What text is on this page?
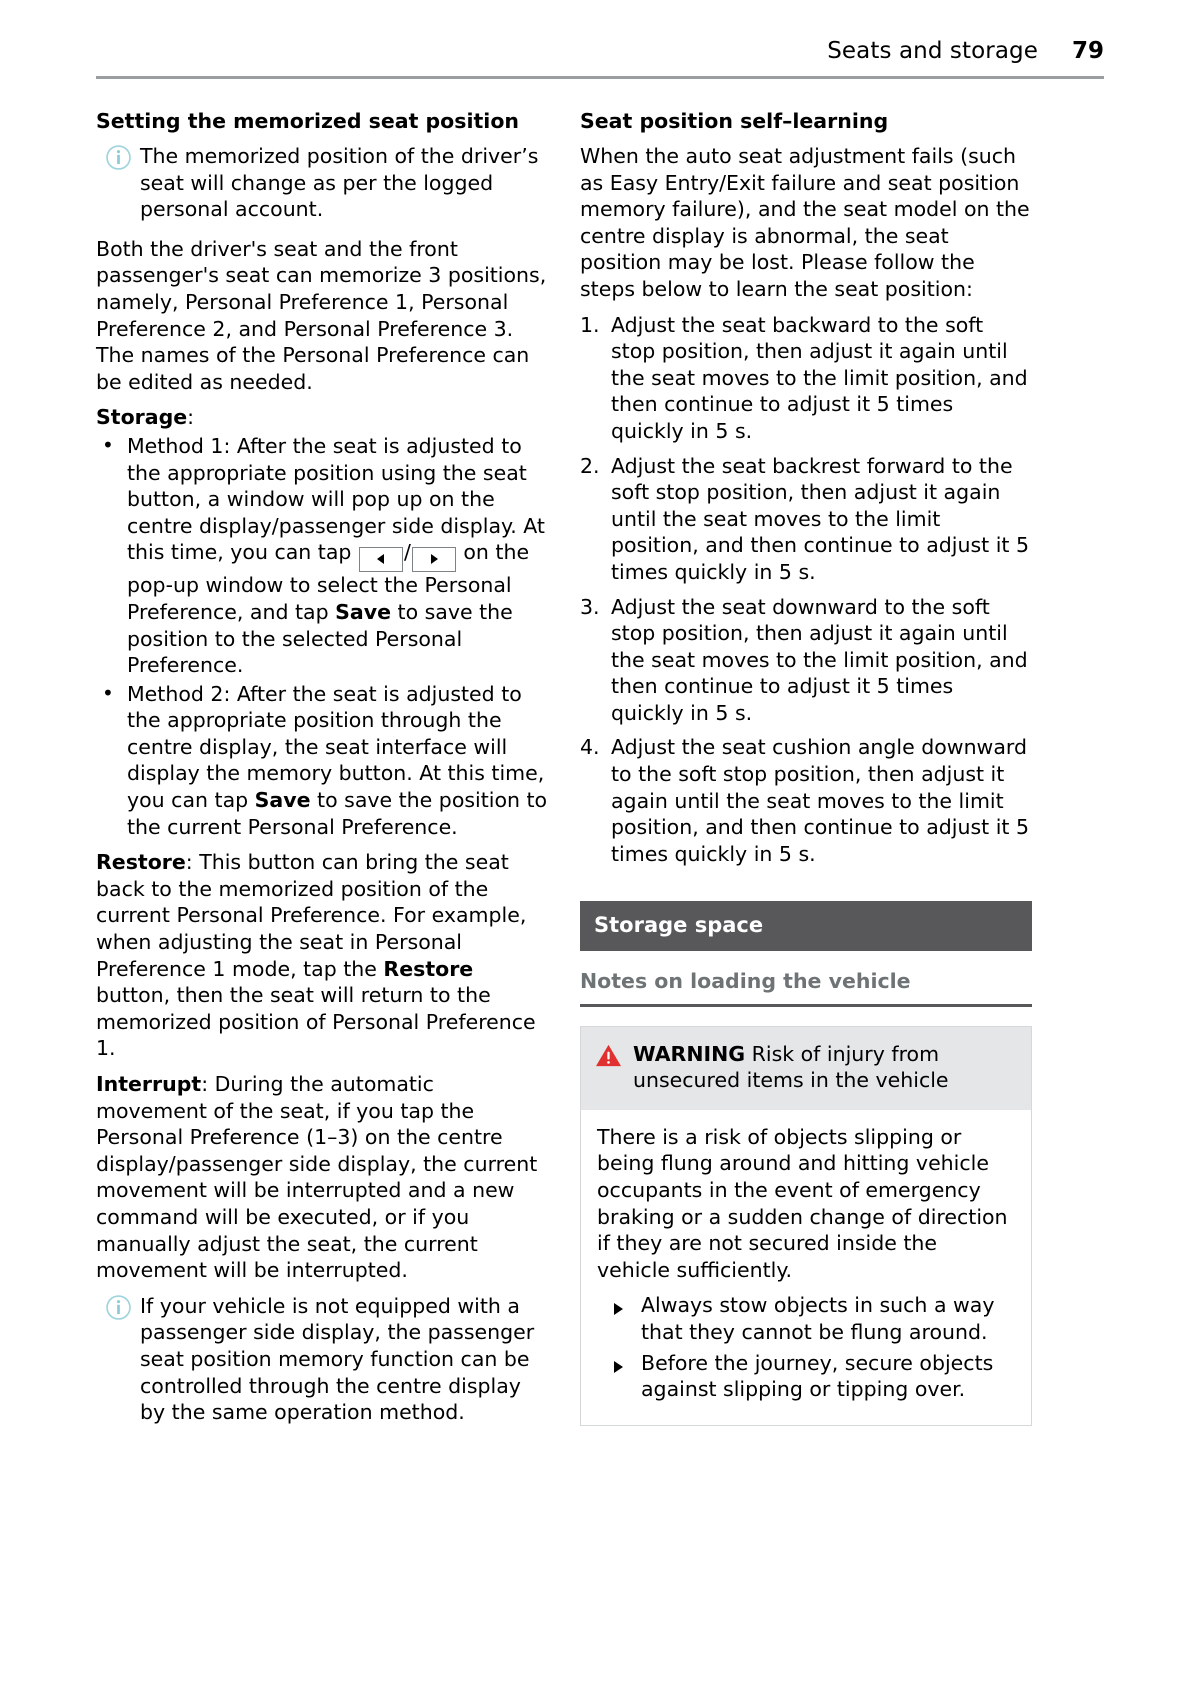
Seats and storage 79
Setting the memorized seat position
The memorized position of the driver’s seat will change as per the logged personal account.

Both the driver's seat and the front passenger's seat can memorize 3 positions, namely, Personal Preference 1, Personal Preference 2, and Personal Preference 3. The names of the Personal Preference can be edited as needed.

Storage:

• Method 1: After the seat is adjusted to the appropriate position using the seat button, a window will pop up on the centre display/passenger side display. At this time, you can tap / on the pop-up window to select the Personal Preference, and tap Save to save the position to the selected Personal Preference.
• Method 2: After the seat is adjusted to the appropriate position through the centre display, the seat interface will display the memory button. At this time, you can tap Save to save the position to the current Personal Preference.

Restore: This button can bring the seat back to the memorized position of the current Personal Preference. For example, when adjusting the seat in Personal Preference 1 mode, tap the Restore button, then the seat will return to the memorized position of Personal Preference 1.

Interrupt: During the automatic movement of the seat, if you tap the Personal Preference (1–3) on the centre display/passenger side display, the current movement will be interrupted and a new command will be executed, or if you manually adjust the seat, the current movement will be interrupted.

If your vehicle is not equipped with a passenger side display, the passenger seat position memory function can be controlled through the centre display by the same operation method.
Seat position self–learning

When the auto seat adjustment fails (such as Easy Entry/Exit failure and seat position memory failure), and the seat model on the centre display is abnormal, the seat position may be lost. Please follow the steps below to learn the seat position:

Adjust the seat backward to the soft stop position, then adjust it again until the seat moves to the limit position, and then continue to adjust it 5 times quickly in 5 s.
Adjust the seat backrest forward to the soft stop position, then adjust it again until the seat moves to the limit position, and then continue to adjust it 5 times quickly in 5 s.
Adjust the seat downward to the soft stop position, then adjust it again until the seat moves to the limit position, and then continue to adjust it 5 times quickly in 5 s.
Adjust the seat cushion angle downward to the soft stop position, then adjust it again until the seat moves to the limit position, and then continue to adjust it 5 times quickly in 5 s.
Storage space
Notes on loading the vehicle
WARNING Risk of injury from unsecured items in the vehicle
There is a risk of objects slipping or being flung around and hitting vehicle occupants in the event of emergency braking or a sudden change of direction if they are not secured inside the vehicle sufficiently.
Always stow objects in such a way that they cannot be flung around.
Before the journey, secure objects against slipping or tipping over.
